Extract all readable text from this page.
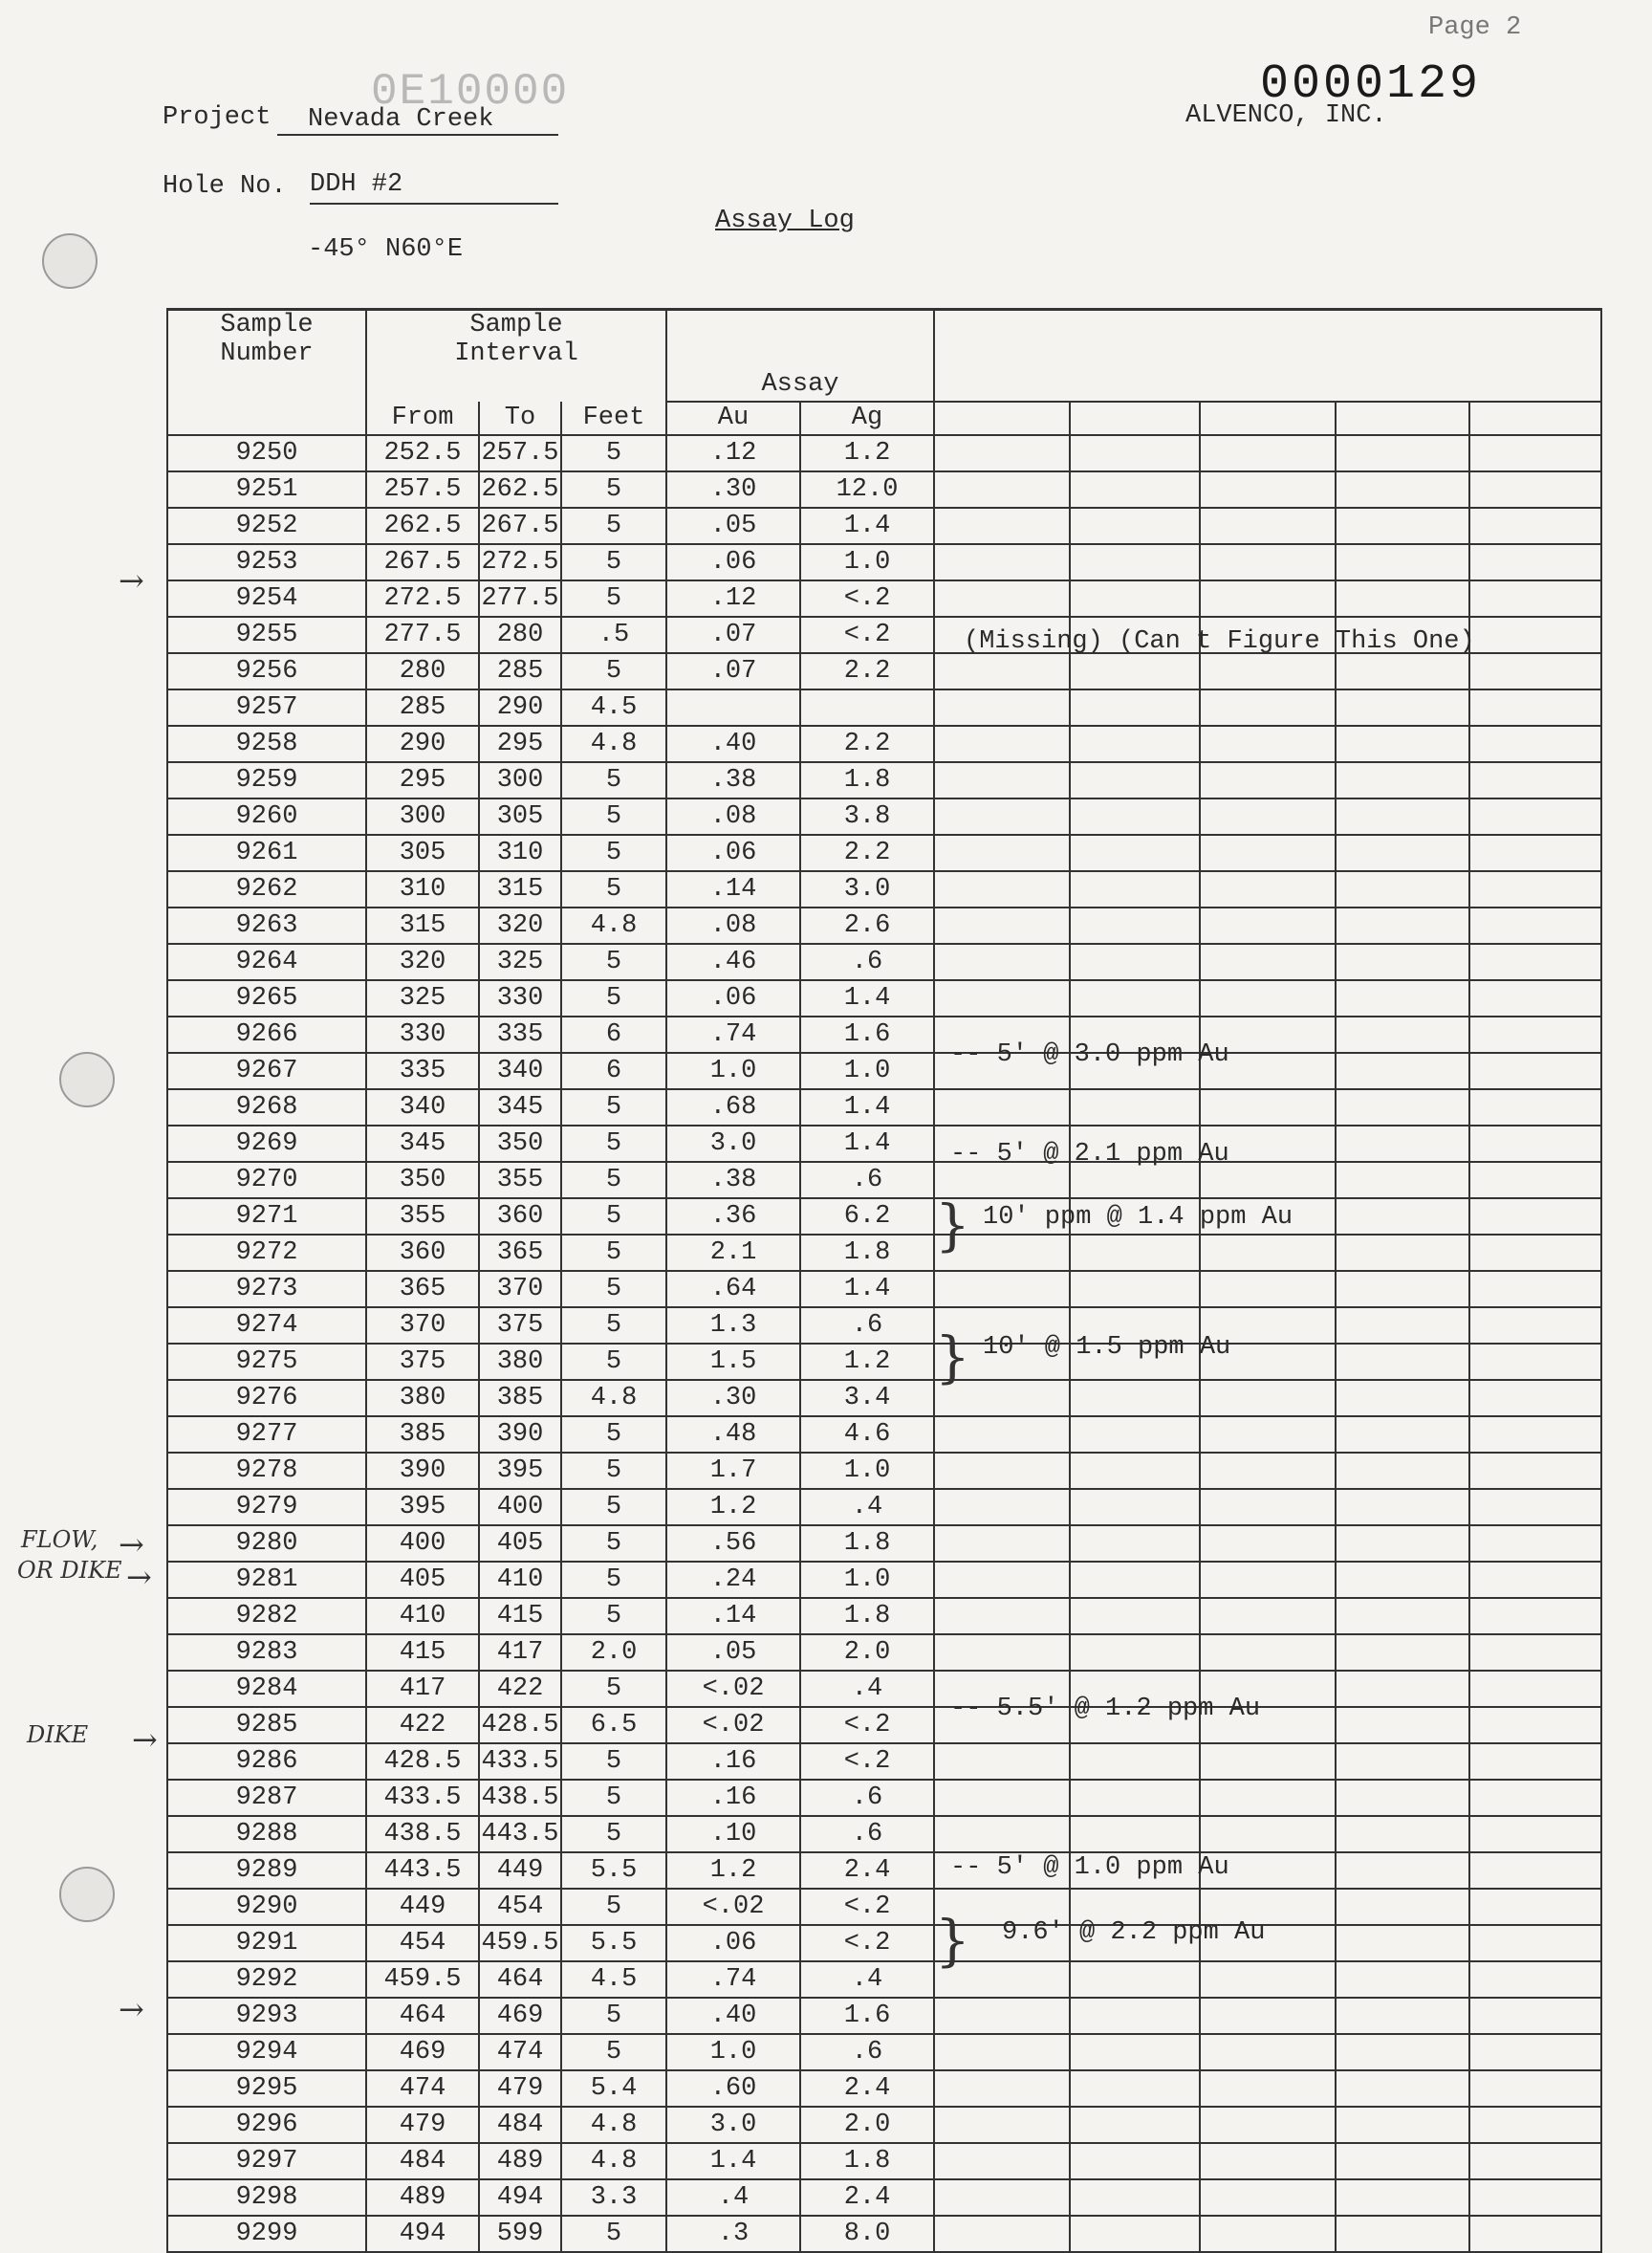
Page 2
0E10000	0000129
ALVENCO, INC.
Project	Nevada Creek
Hole No. DDH #2
-45° N60°E
Assay Log
Sample Number	Sample Interval									
				Assay						
	From	To	Feet	Au	Ag					
9250	252.5	257.5	5	.12	1.2					
9251	257.5	262.5	5	.30	12.0					
9252	262.5	267.5	5	.05	1.4					
9253	267.5	272.5	5	.06	1.0					
9254	272.5	277.5	5	.12	<.2					
9255	277.5	280	.5	.07	<.2					
9256	280	285	5	.07	2.2					
9257	285	290	4.5							
9258	290	295	4.8	.40	2.2					
9259	295	300	5	.38	1.8					
9260	300	305	5	.08	3.8					
9261	305	310	5	.06	2.2					
9262	310	315	5	.14	3.0					
9263	315	320	4.8	.08	2.6					
9264	320	325	5	.46	.6					
9265	325	330	5	.06	1.4					
9266	330	335	6	.74	1.6					
9267	335	340	6	1.0	1.0					
9268	340	345	5	.68	1.4					
9269	345	350	5	3.0	1.4					
9270	350	355	5	.38	.6					
9271	355	360	5	.36	6.2					
9272	360	365	5	2.1	1.8					
9273	365	370	5	.64	1.4					
9274	370	375	5	1.3	.6					
9275	375	380	5	1.5	1.2					
9276	380	385	4.8	.30	3.4					
9277	385	390	5	.48	4.6					
9278	390	395	5	1.7	1.0					
9279	395	400	5	1.2	.4					
9280	400	405	5	.56	1.8					
9281	405	410	5	.24	1.0					
9282	410	415	5	.14	1.8					
9283	415	417	2.0	.05	2.0					
9284	417	422	5	<.02	.4					
9285	422	428.5	6.5	<.02	<.2					
9286	428.5	433.5	5	.16	<.2					
9287	433.5	438.5	5	.16	.6					
9288	438.5	443.5	5	.10	.6					
9289	443.5	449	5.5	1.2	2.4					
9290	449	454	5	<.02	<.2					
9291	454	459.5	5.5	.06	<.2					
9292	459.5	464	4.5	.74	.4					
9293	464	469	5	.40	1.6					
9294	469	474	5	1.0	.6					
9295	474	479	5.4	.60	2.4					
9296	479	484	4.8	3.0	2.0					
9297	484	489	4.8	1.4	1.8					
9298	489	494	3.3	.4	2.4					
9299	494	599	5	.3	8.0					
(Missing) (Can t Figure This One)
-- 5' @ 3.0 ppm Au
-- 5' @ 2.1 ppm Au
} 10' ppm @ 1.4 ppm Au
} 10' @ 1.5 ppm Au
-- 5.5' @ 1.2 ppm Au
-- 5' @ 1.0 ppm Au
} 9.6' @ 2.2 ppm Au
→
FLOW, →
OR DIKE →
DIKE →
→
